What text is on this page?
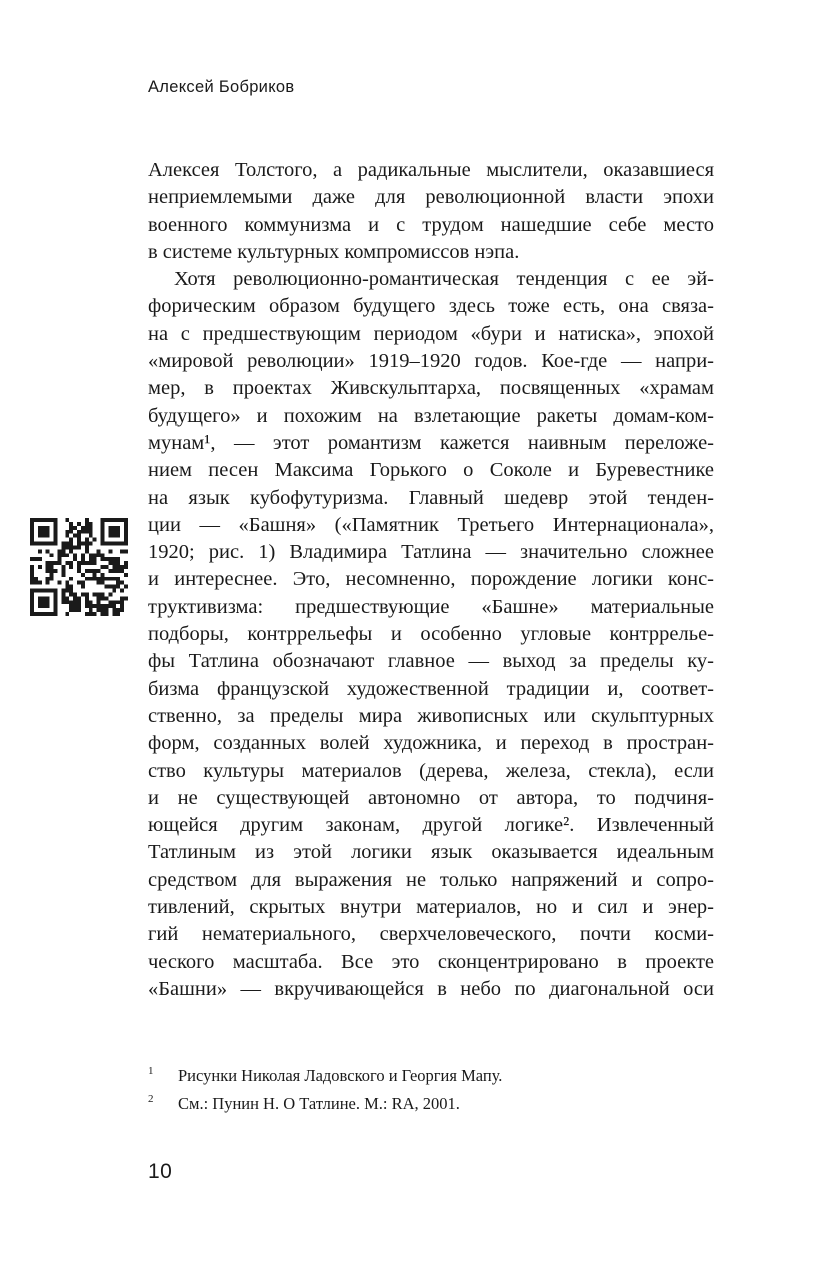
Алексей Бобриков
Алексея Толстого, а радикальные мыслители, оказавшиеся
неприемлемыми даже для революционной власти эпохи
военного коммунизма и с трудом нашедшие себе место
в системе культурных компромиссов нэпа.
Хотя революционно-романтическая тенденция с ее эй-
форическим образом будущего здесь тоже есть, она связа-
на с предшествующим периодом «бури и натиска», эпохой
«мировой революции» 1919–1920 годов. Кое-где — напри-
мер, в проектах Живскульптарха, посвященных «храмам
будущего» и похожим на взлетающие ракеты домам-ком-
мунам¹, — этот романтизм кажется наивным переложе-
нием песен Максима Горького о Соколе и Буревестнике
на язык кубофутуризма. Главный шедевр этой тенден-
ции — «Башня» («Памятник Третьего Интернационала»,
1920; рис. 1) Владимира Татлина — значительно сложнее
и интереснее. Это, несомненно, порождение логики конс-
труктивизма: предшествующие «Башне» материальные
подборы, контррельефы и особенно угловые контррелье-
фы Татлина обозначают главное — выход за пределы ку-
бизма французской художественной традиции и, соответ-
ственно, за пределы мира живописных или скульптурных
форм, созданных волей художника, и переход в простран-
ство культуры материалов (дерева, железа, стекла), если
и не существующей автономно от автора, то подчиня-
ющейся другим законам, другой логике². Извлеченный
Татлиным из этой логики язык оказывается идеальным
средством для выражения не только напряжений и сопро-
тивлений, скрытых внутри материалов, но и сил и энер-
гий нематериального, сверхчеловеческого, почти косми-
ческого масштаба. Все это сконцентрировано в проекте
«Башни» — вкручивающейся в небо по диагональной оси
1	Рисунки Николая Ладовского и Георгия Мапу.
2	См.: Пунин Н. О Татлине. М.: RA, 2001.
10
